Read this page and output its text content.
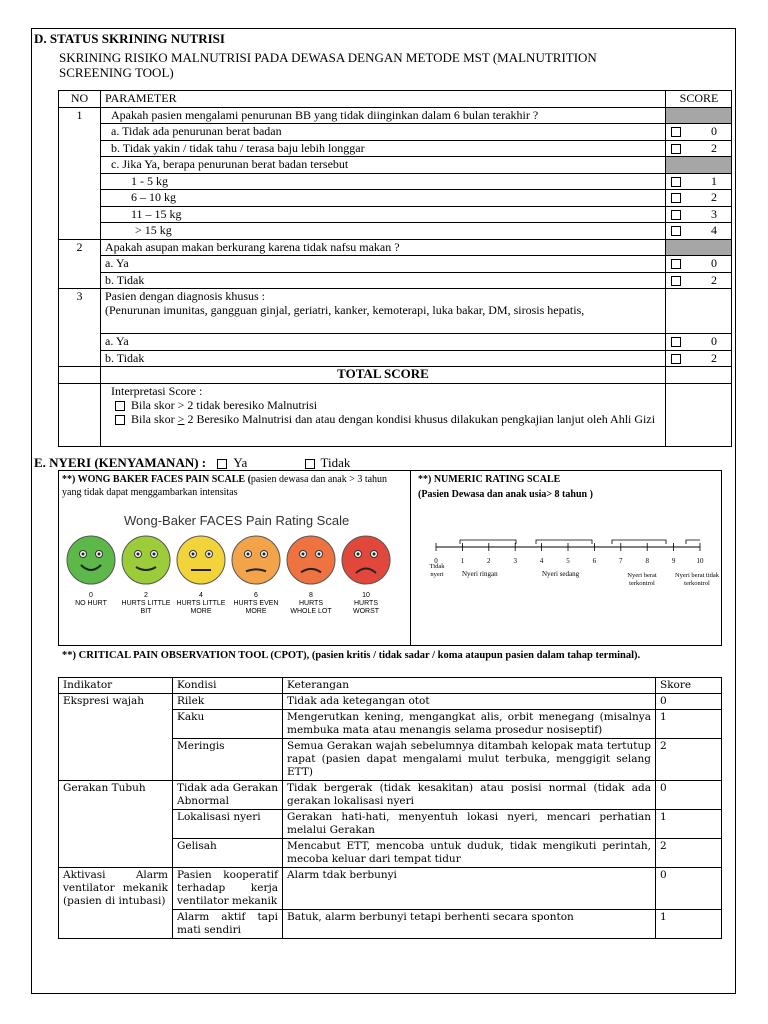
D. STATUS SKRINING NUTRISI
SKRINING RISIKO MALNUTRISI PADA DEWASA DENGAN METODE MST (MALNUTRITION SCREENING TOOL)
NO	PARAMETER	SCORE
1	Apakah pasien mengalami penurunan BB yang tidak diinginkan dalam 6 bulan terakhir ?	
	a. Tidak ada penurunan berat badan	0

	b. Tidak yakin / tidak tahu / terasa baju lebih longgar	2

	c. Jika Ya, berapa penurunan berat badan tersebut	
	1 - 5 kg	1

	6 – 10 kg	2

	11 – 15 kg	3

	> 15 kg	4

2	Apakah asupan makan berkurang karena tidak nafsu makan ?	
	a. Ya	0

	b. Tidak	2

3	Pasien dengan diagnosis khusus :
(Penurunan imunitas, gangguan ginjal, geriatri, kanker, kemoterapi, luka bakar, DM, sirosis hepatis,	

	a. Ya	0

	b. Tidak	2

	TOTAL SCORE	

	Interpretasi Score :
Bila skor > 2 tidak beresiko Malnutrisi
Bila skor > 2 Beresiko Malnutrisi dan atau dengan kondisi khusus dilakukan pengkajian lanjut oleh Ahli Gizi	

E. NYERI (KENYAMANAN) : Ya	Tidak
**) WONG BAKER FACES PAIN SCALE (pasien dewasa dan anak > 3 tahun yang tidak dapat menggambarkan intensitas
Wong-Baker FACES Pain Rating Scale
0
NO HURT
2
HURTS LITTLE BIT
4
HURTS LITTLE MORE
6
HURTS EVEN MORE
8
HURTS WHOLE LOT
10
HURTS WORST
**) NUMERIC RATING SCALE
(Pasien Dewasa dan anak usia> 8 tahun )
0	1	2	3	4	5	6	7	8	9	10
Tidak nyeri	Nyeri ringan	Nyeri sedang	Nyeri berat terkontrol
Nyeri berat tidak terkontrol
**) CRITICAL PAIN OBSERVATION TOOL (CPOT), (pasien kritis / tidak sadar / koma ataupun pasien dalam tahap terminal).
Indikator	Kondisi	Keterangan	Skore
Ekspresi wajah	Rilek	Tidak ada ketegangan otot	0
	Kaku	Mengerutkan kening, mengangkat alis, orbit menegang (misalnya membuka mata atau menangis selama prosedur nosiseptif)	1
	Meringis	Semua Gerakan wajah sebelumnya ditambah kelopak mata tertutup rapat (pasien dapat mengalami mulut terbuka, menggigit selang ETT)	2
Gerakan Tubuh	Tidak ada Gerakan Abnormal	Tidak bergerak (tidak kesakitan) atau posisi normal (tidak ada gerakan lokalisasi nyeri	0
	Lokalisasi nyeri	Gerakan hati-hati, menyentuh lokasi nyeri, mencari perhatian melalui Gerakan	1
	Gelisah	Mencabut ETT, mencoba untuk duduk, tidak mengikuti perintah, mecoba keluar dari tempat tidur	2
Aktivasi Alarm ventilator mekanik (pasien di intubasi)	Pasien kooperatif terhadap kerja ventilator mekanik	Alarm tdak berbunyi	0
	Alarm aktif tapi mati sendiri	Batuk, alarm berbunyi tetapi berhenti secara sponton	1
